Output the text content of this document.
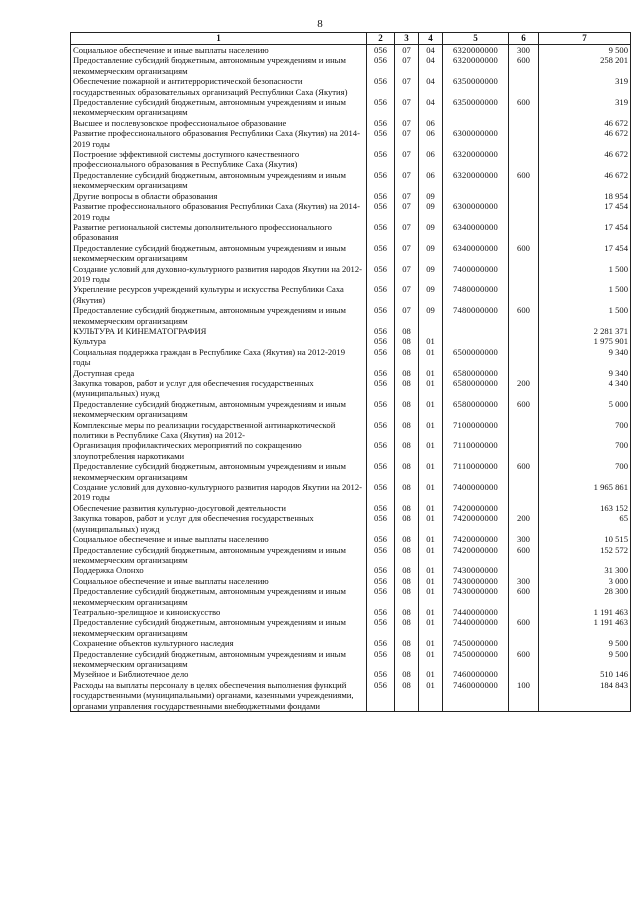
8
1	2	3	4	5	6	7
Социальное обеспечение и иные выплаты населению	056	07	04	6320000000	300	9 500
Предоставление субсидий бюджетным, автономным учреждениям и иным некоммерческим организациям	056	07	04	6320000000	600	258 201
Обеспечение пожарной и антитеррористической безопасности государственных образовательных организаций Республики Саха (Якутия)	056	07	04	6350000000		319
Предоставление субсидий бюджетным, автономным учреждениям и иным некоммерческим организациям	056	07	04	6350000000	600	319
Высшее и послевузовское профессиональное образование	056	07	06			46 672
Развитие профессионального образования Республики Саха (Якутия) на 2014-2019 годы	056	07	06	6300000000		46 672
Построение эффективной системы доступного качественного профессионального образования в Республике Саха (Якутия)	056	07	06	6320000000		46 672
Предоставление субсидий бюджетным, автономным учреждениям и иным некоммерческим организациям	056	07	06	6320000000	600	46 672
Другие вопросы в области образования	056	07	09			18 954
Развитие профессионального образования Республики Саха (Якутия) на 2014-2019 годы	056	07	09	6300000000		17 454
Развитие региональной системы дополнительного профессионального образования	056	07	09	6340000000		17 454
Предоставление субсидий бюджетным, автономным учреждениям и иным некоммерческим организациям	056	07	09	6340000000	600	17 454
Создание условий для духовно-культурного развития народов Якутии на 2012-2019 годы	056	07	09	7400000000		1 500
Укрепление ресурсов учреждений культуры и искусства Республики Саха (Якутия)	056	07	09	7480000000		1 500
Предоставление субсидий бюджетным, автономным учреждениям и иным некоммерческим организациям	056	07	09	7480000000	600	1 500
КУЛЬТУРА И КИНЕМАТОГРАФИЯ	056	08				2 281 371
Культура	056	08	01			1 975 901
Социальная поддержка граждан в Республике Саха (Якутия) на 2012-2019 годы	056	08	01	6500000000		9 340
Доступная среда	056	08	01	6580000000		9 340
Закупка товаров, работ и услуг для обеспечения государственных (муниципальных) нужд	056	08	01	6580000000	200	4 340
Предоставление субсидий бюджетным, автономным учреждениям и иным некоммерческим организациям	056	08	01	6580000000	600	5 000
Комплексные меры по реализации государственной антинаркотической политики в Республике Саха (Якутия) на 2012-	056	08	01	7100000000		700
Организация профилактических мероприятий по сокращению злоупотребления наркотиками	056	08	01	7110000000		700
Предоставление субсидий бюджетным, автономным учреждениям и иным некоммерческим организациям	056	08	01	7110000000	600	700
Создание условий для духовно-культурного развития народов Якутии на 2012-2019 годы	056	08	01	7400000000		1 965 861
Обеспечение развития культурно-досуговой деятельности	056	08	01	7420000000		163 152
Закупка товаров, работ и услуг для обеспечения государственных (муниципальных) нужд	056	08	01	7420000000	200	65
Социальное обеспечение и иные выплаты населению	056	08	01	7420000000	300	10 515
Предоставление субсидий бюджетным, автономным учреждениям и иным некоммерческим организациям	056	08	01	7420000000	600	152 572
Поддержка Олонхо	056	08	01	7430000000		31 300
Социальное обеспечение и иные выплаты населению	056	08	01	7430000000	300	3 000
Предоставление субсидий бюджетным, автономным учреждениям и иным некоммерческим организациям	056	08	01	7430000000	600	28 300
Театрально-зрелищное и кинoискусство	056	08	01	7440000000		1 191 463
Предоставление субсидий бюджетным, автономным учреждениям и иным некоммерческим организациям	056	08	01	7440000000	600	1 191 463
Сохранение объектов культурного наследия	056	08	01	7450000000		9 500
Предоставление субсидий бюджетным, автономным учреждениям и иным некоммерческим организациям	056	08	01	7450000000	600	9 500
Музейное и Библиотечное дело	056	08	01	7460000000		510 146
Расходы на выплаты персоналу в целях обеспечения выполнения функций государственными (муниципальными) органами, казенными учреждениями, органами управления государственными внебюджетными фондами	056	08	01	7460000000	100	184 843
